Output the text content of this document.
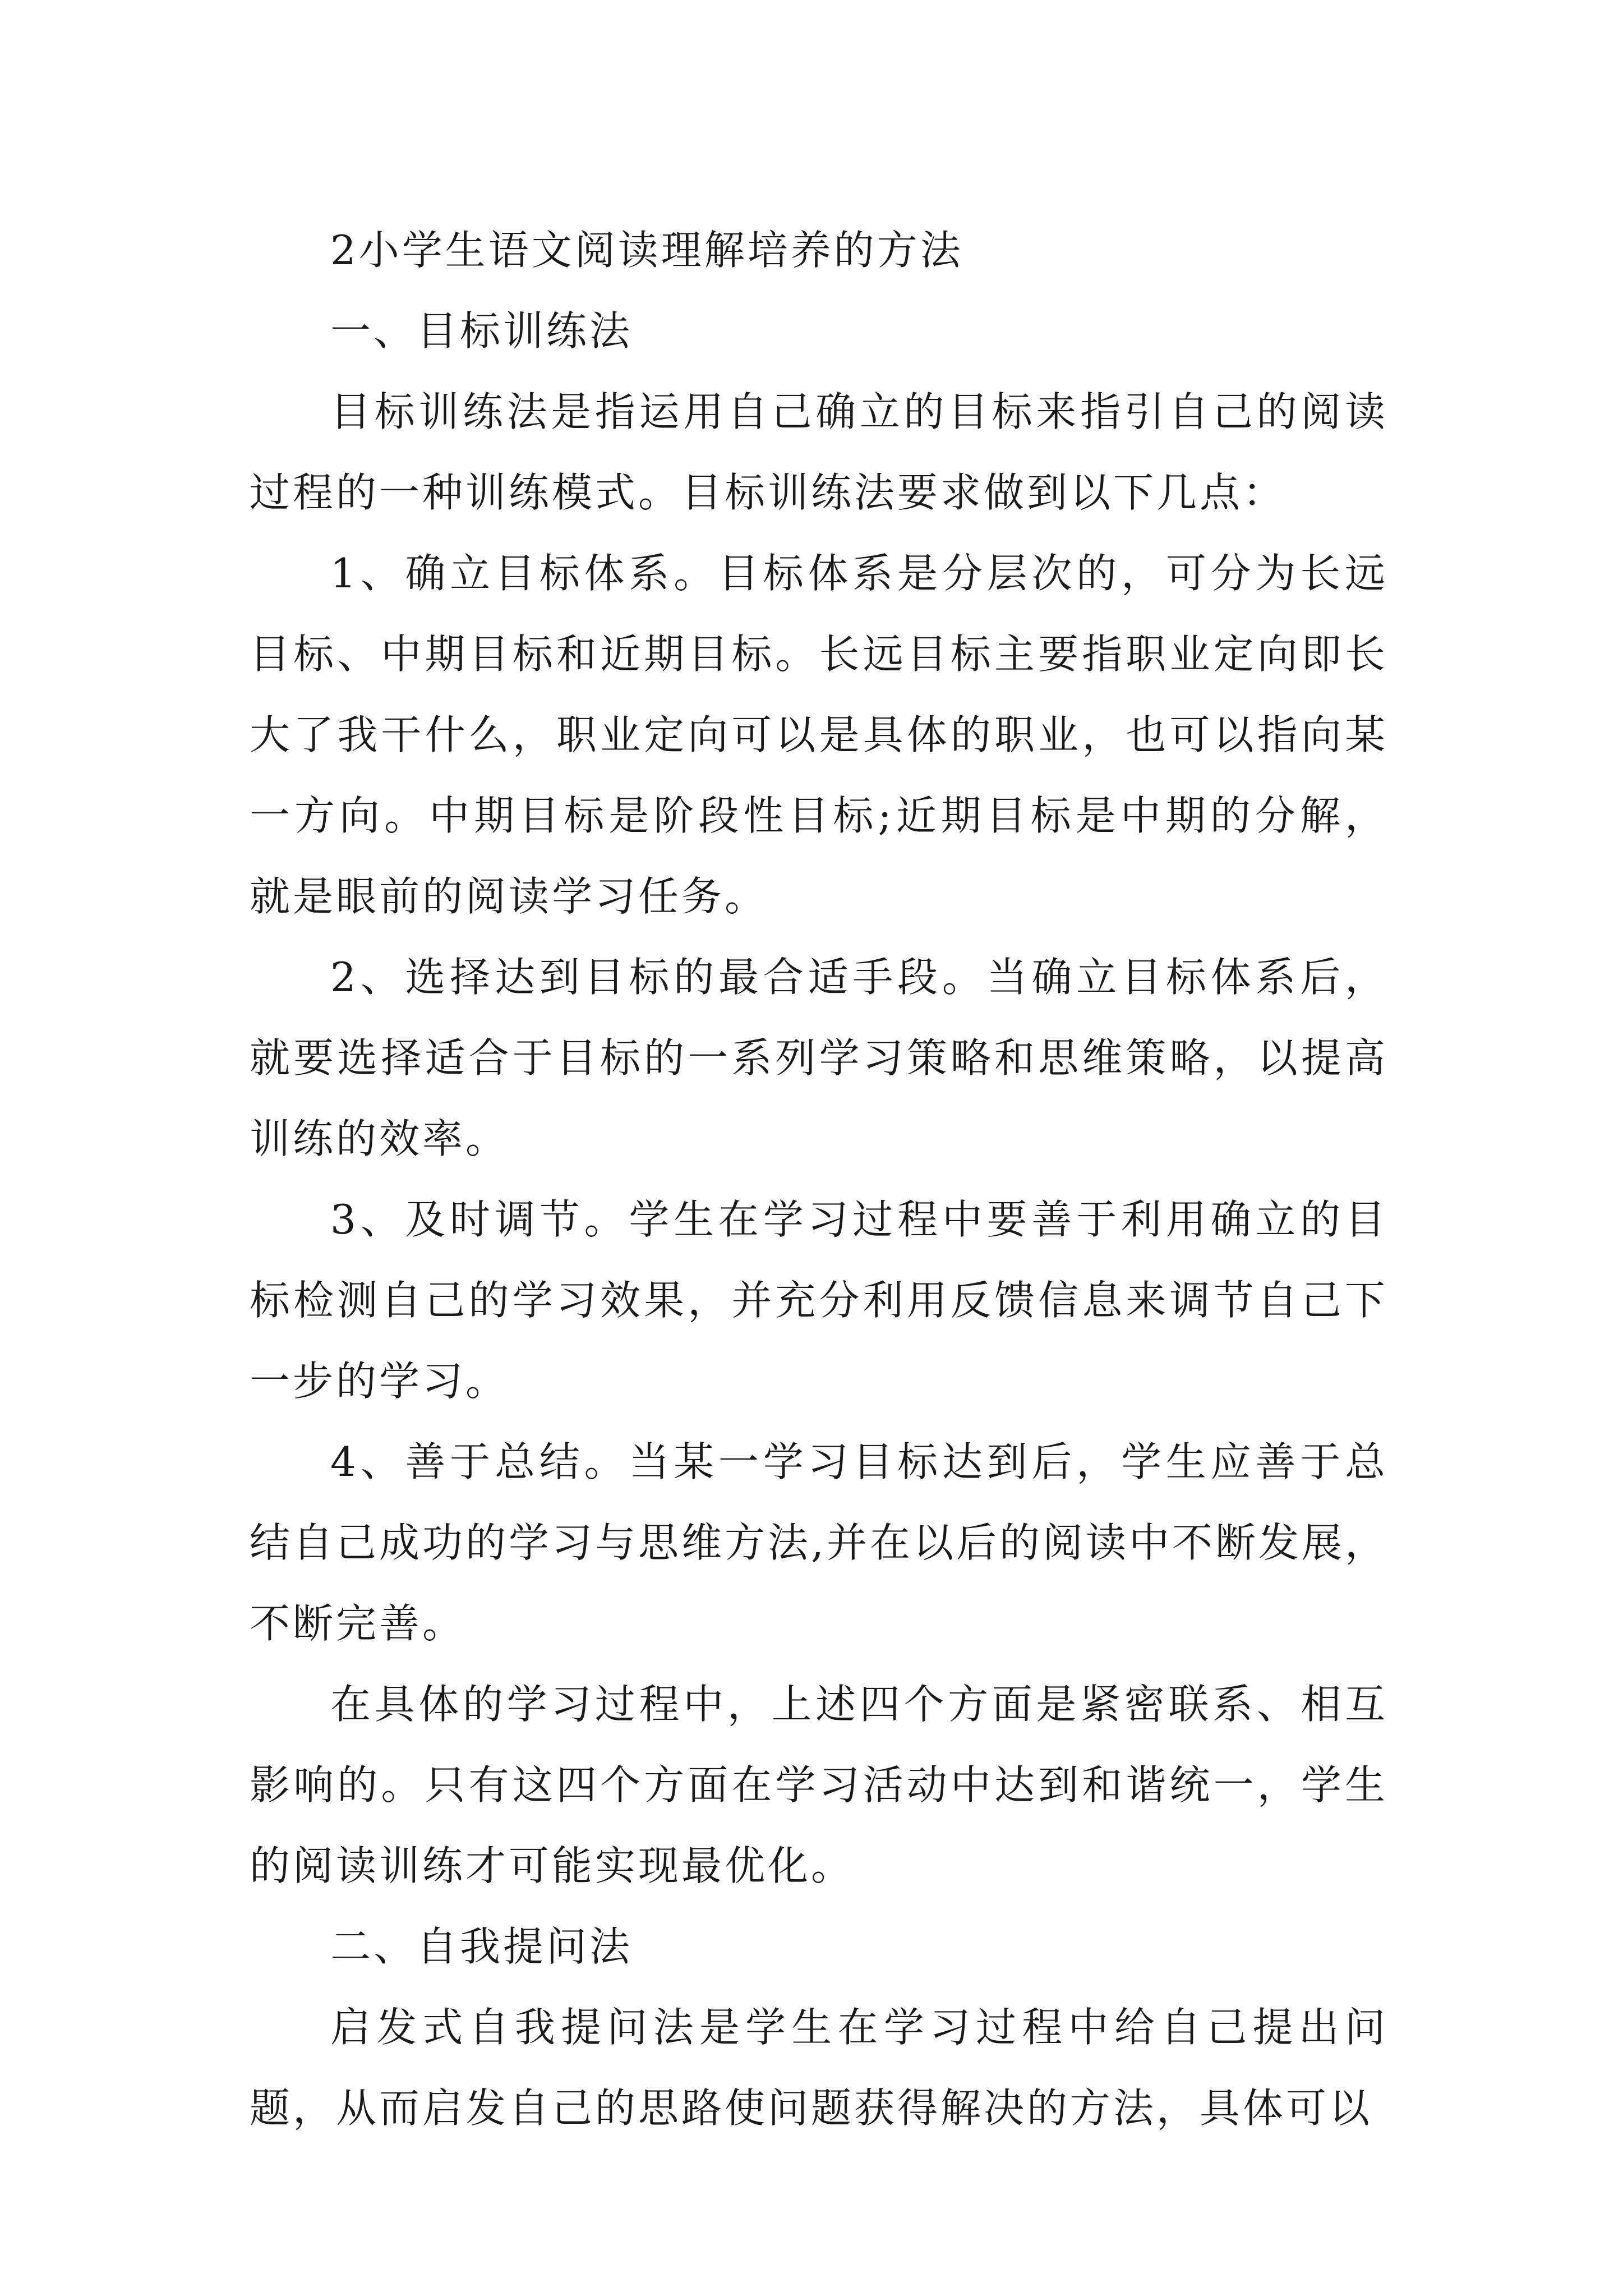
2小学生语文阅读理解培养的方法

一、目标训练法

目标训练法是指运用自己确立的目标来指引自己的阅读过程的一种训练模式。目标训练法要求做到以下几点：

1、确立目标体系。目标体系是分层次的，可分为长远目标、中期目标和近期目标。长远目标主要指职业定向即长大了我干什么，职业定向可以是具体的职业，也可以指向某一方向。中期目标是阶段性目标;近期目标是中期的分解，就是眼前的阅读学习任务。

2、选择达到目标的最合适手段。当确立目标体系后，就要选择适合于目标的一系列学习策略和思维策略，以提高训练的效率。

3、及时调节。学生在学习过程中要善于利用确立的目标检测自己的学习效果，并充分利用反馈信息来调节自己下一步的学习。

4、善于总结。当某一学习目标达到后，学生应善于总结自己成功的学习与思维方法,并在以后的阅读中不断发展，不断完善。

在具体的学习过程中，上述四个方面是紧密联系、相互影响的。只有这四个方面在学习活动中达到和谐统一，学生的阅读训练才可能实现最优化。

二、自我提问法

启发式自我提问法是学生在学习过程中给自己提出问题，从而启发自己的思路使问题获得解决的方法，具体可以
